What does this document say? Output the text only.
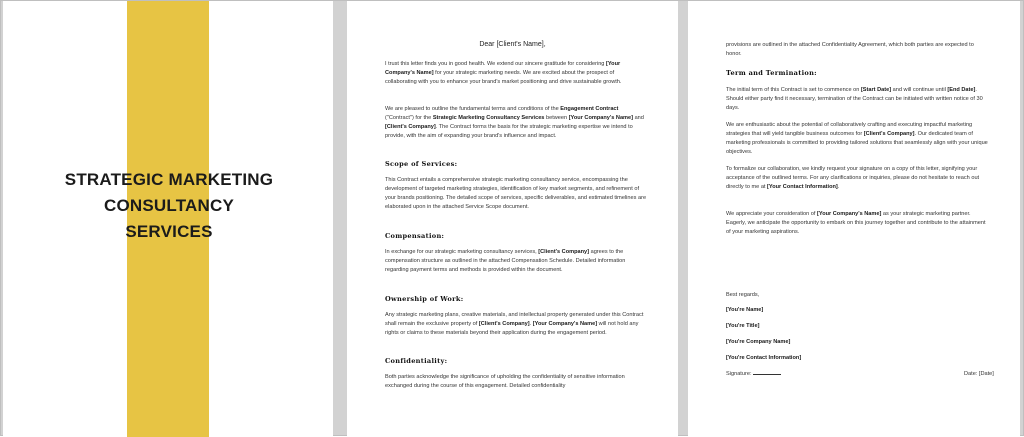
STRATEGIC MARKETING
CONSULTANCY
SERVICES
Dear [Client's Name],
I trust this letter finds you in good health. We extend our sincere gratitude for considering [Your Company's Name] for your strategic marketing needs. We are excited about the prospect of collaborating with you to enhance your brand's market positioning and drive sustainable growth.
We are pleased to outline the fundamental terms and conditions of the Engagement Contract ("Contract") for the Strategic Marketing Consultancy Services between [Your Company's Name] and [Client's Company]. The Contract forms the basis for the strategic marketing expertise we intend to provide, with the aim of expanding your brand's influence and impact.
Scope of Services:
This Contract entails a comprehensive strategic marketing consultancy service, encompassing the development of targeted marketing strategies, identification of key market segments, and refinement of your brands positioning. The detailed scope of services, specific deliverables, and estimated timelines are elaborated upon in the attached Service Scope document.
Compensation:
In exchange for our strategic marketing consultancy services, [Client's Company] agrees to the compensation structure as outlined in the attached Compensation Schedule. Detailed information regarding payment terms and methods is provided within the document.
Ownership of Work:
Any strategic marketing plans, creative materials, and intellectual property generated under this Contract shall remain the exclusive property of [Client's Company]. [Your Company's Name] will not hold any rights or claims to these materials beyond their application during the engagement period.
Confidentiality:
Both parties acknowledge the significance of upholding the confidentiality of sensitive information exchanged during the course of this engagement. Detailed confidentiality
provisions are outlined in the attached Confidentiality Agreement, which both parties are expected to honor.
Term and Termination:
The initial term of this Contract is set to commence on [Start Date] and will continue until [End Date]. Should either party find it necessary, termination of the Contract can be initiated with written notice of 30 days.
We are enthusiastic about the potential of collaboratively crafting and executing impactful marketing strategies that will yield tangible business outcomes for [Client's Company]. Our dedicated team of marketing professionals is committed to providing tailored solutions that seamlessly align with your unique objectives.
To formalize our collaboration, we kindly request your signature on a copy of this letter, signifying your acceptance of the outlined terms. For any clarifications or inquiries, please do not hesitate to reach out directly to me at [Your Contact Information].
We appreciate your consideration of [Your Company's Name] as your strategic marketing partner. Eagerly, we anticipate the opportunity to embark on this journey together and contribute to the attainment of your marketing aspirations.
Best regards,
[You're Name]
[You're Title]
[You're Company Name]
[You're Contact Information]
Signature:	Date: [Date]
